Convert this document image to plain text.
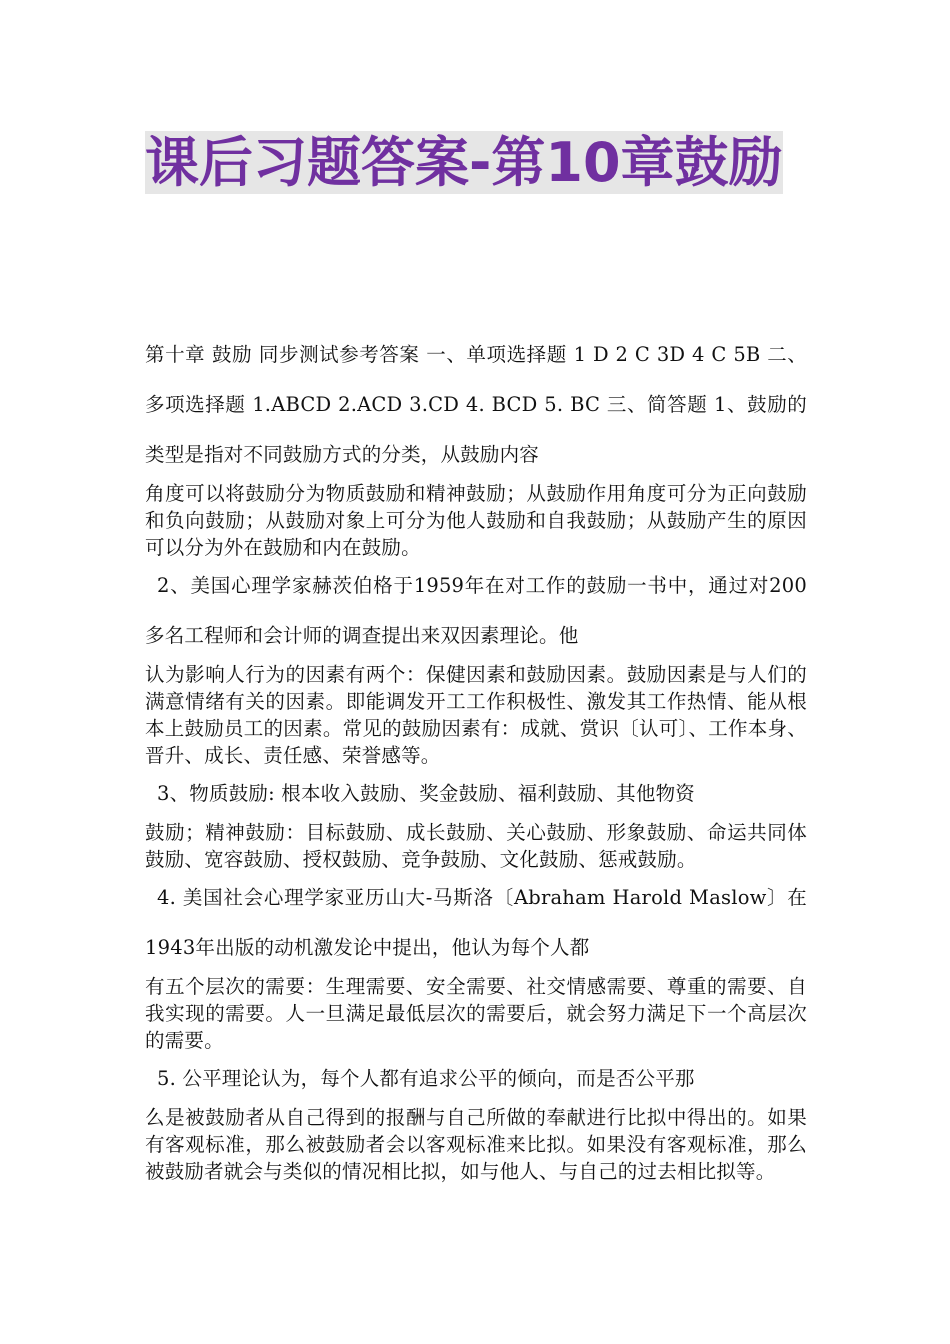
课后习题答案-第10章鼓励

第十章 鼓励 同步测试参考答案 一、单项选择题 1 D 2 C 3D 4 C 5B 二、多项选择题 1.ABCD 2.ACD 3.CD 4. BCD 5. BC 三、简答题 1、鼓励的类型是指对不同鼓励方式的分类，从鼓励内容

角度可以将鼓励分为物质鼓励和精神鼓励；从鼓励作用角度可分为正向鼓励和负向鼓励；从鼓励对象上可分为他人鼓励和自我鼓励；从鼓励产生的原因可以分为外在鼓励和内在鼓励。

2、美国心理学家赫茨伯格于1959年在对工作的鼓励一书中，通过对200多名工程师和会计师的调查提出来双因素理论。他

认为影响人行为的因素有两个：保健因素和鼓励因素。鼓励因素是与人们的满意情绪有关的因素。即能调发开工工作积极性、激发其工作热情、能从根本上鼓励员工的因素。常见的鼓励因素有：成就、赏识〔认可〕、工作本身、晋升、成长、责任感、荣誉感等。

3、物质鼓励: 根本收入鼓励、奖金鼓励、福利鼓励、其他物资

鼓励；精神鼓励：目标鼓励、成长鼓励、关心鼓励、形象鼓励、命运共同体鼓励、宽容鼓励、授权鼓励、竞争鼓励、文化鼓励、惩戒鼓励。

4. 美国社会心理学家亚历山大-马斯洛〔Abraham Harold Maslow〕在1943年出版的动机激发论中提出，他认为每个人都

有五个层次的需要：生理需要、安全需要、社交情感需要、尊重的需要、自我实现的需要。人一旦满足最低层次的需要后，就会努力满足下一个高层次的需要。

5. 公平理论认为，每个人都有追求公平的倾向，而是否公平那

么是被鼓励者从自己得到的报酬与自己所做的奉献进行比拟中得出的。如果有客观标准，那么被鼓励者会以客观标准来比拟。如果没有客观标准，那么被鼓励者就会与类似的情况相比拟，如与他人、与自己的过去相比拟等。
